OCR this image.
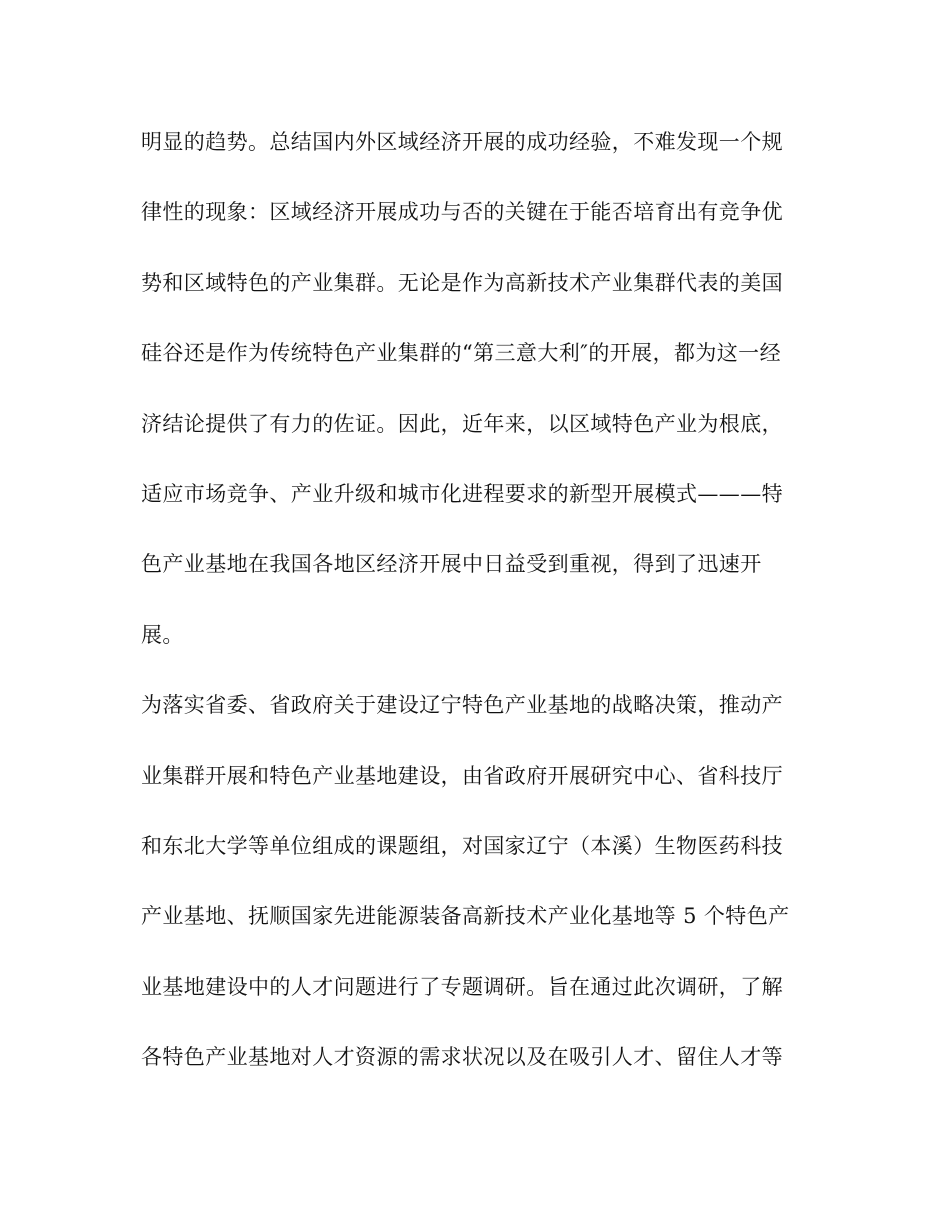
明显的趋势。总结国内外区域经济开展的成功经验，不难发现一个规
律性的现象：区域经济开展成功与否的关键在于能否培育出有竞争优
势和区域特色的产业集群。无论是作为高新技术产业集群代表的美国
硅谷还是作为传统特色产业集群的“第三意大利″的开展，都为这一经
济结论提供了有力的佐证。因此，近年来，以区域特色产业为根底，
适应市场竞争、产业升级和城市化进程要求的新型开展模式———特
色产业基地在我国各地区经济开展中日益受到重视，得到了迅速开
展。
为落实省委、省政府关于建设辽宁特色产业基地的战略决策，推动产
业集群开展和特色产业基地建设，由省政府开展研究中心、省科技厅
和东北大学等单位组成的课题组，对国家辽宁（本溪）生物医药科技
产业基地、抚顺国家先进能源装备高新技术产业化基地等 5 个特色产
业基地建设中的人才问题进行了专题调研。旨在通过此次调研，了解
各特色产业基地对人才资源的需求状况以及在吸引人才、留住人才等
